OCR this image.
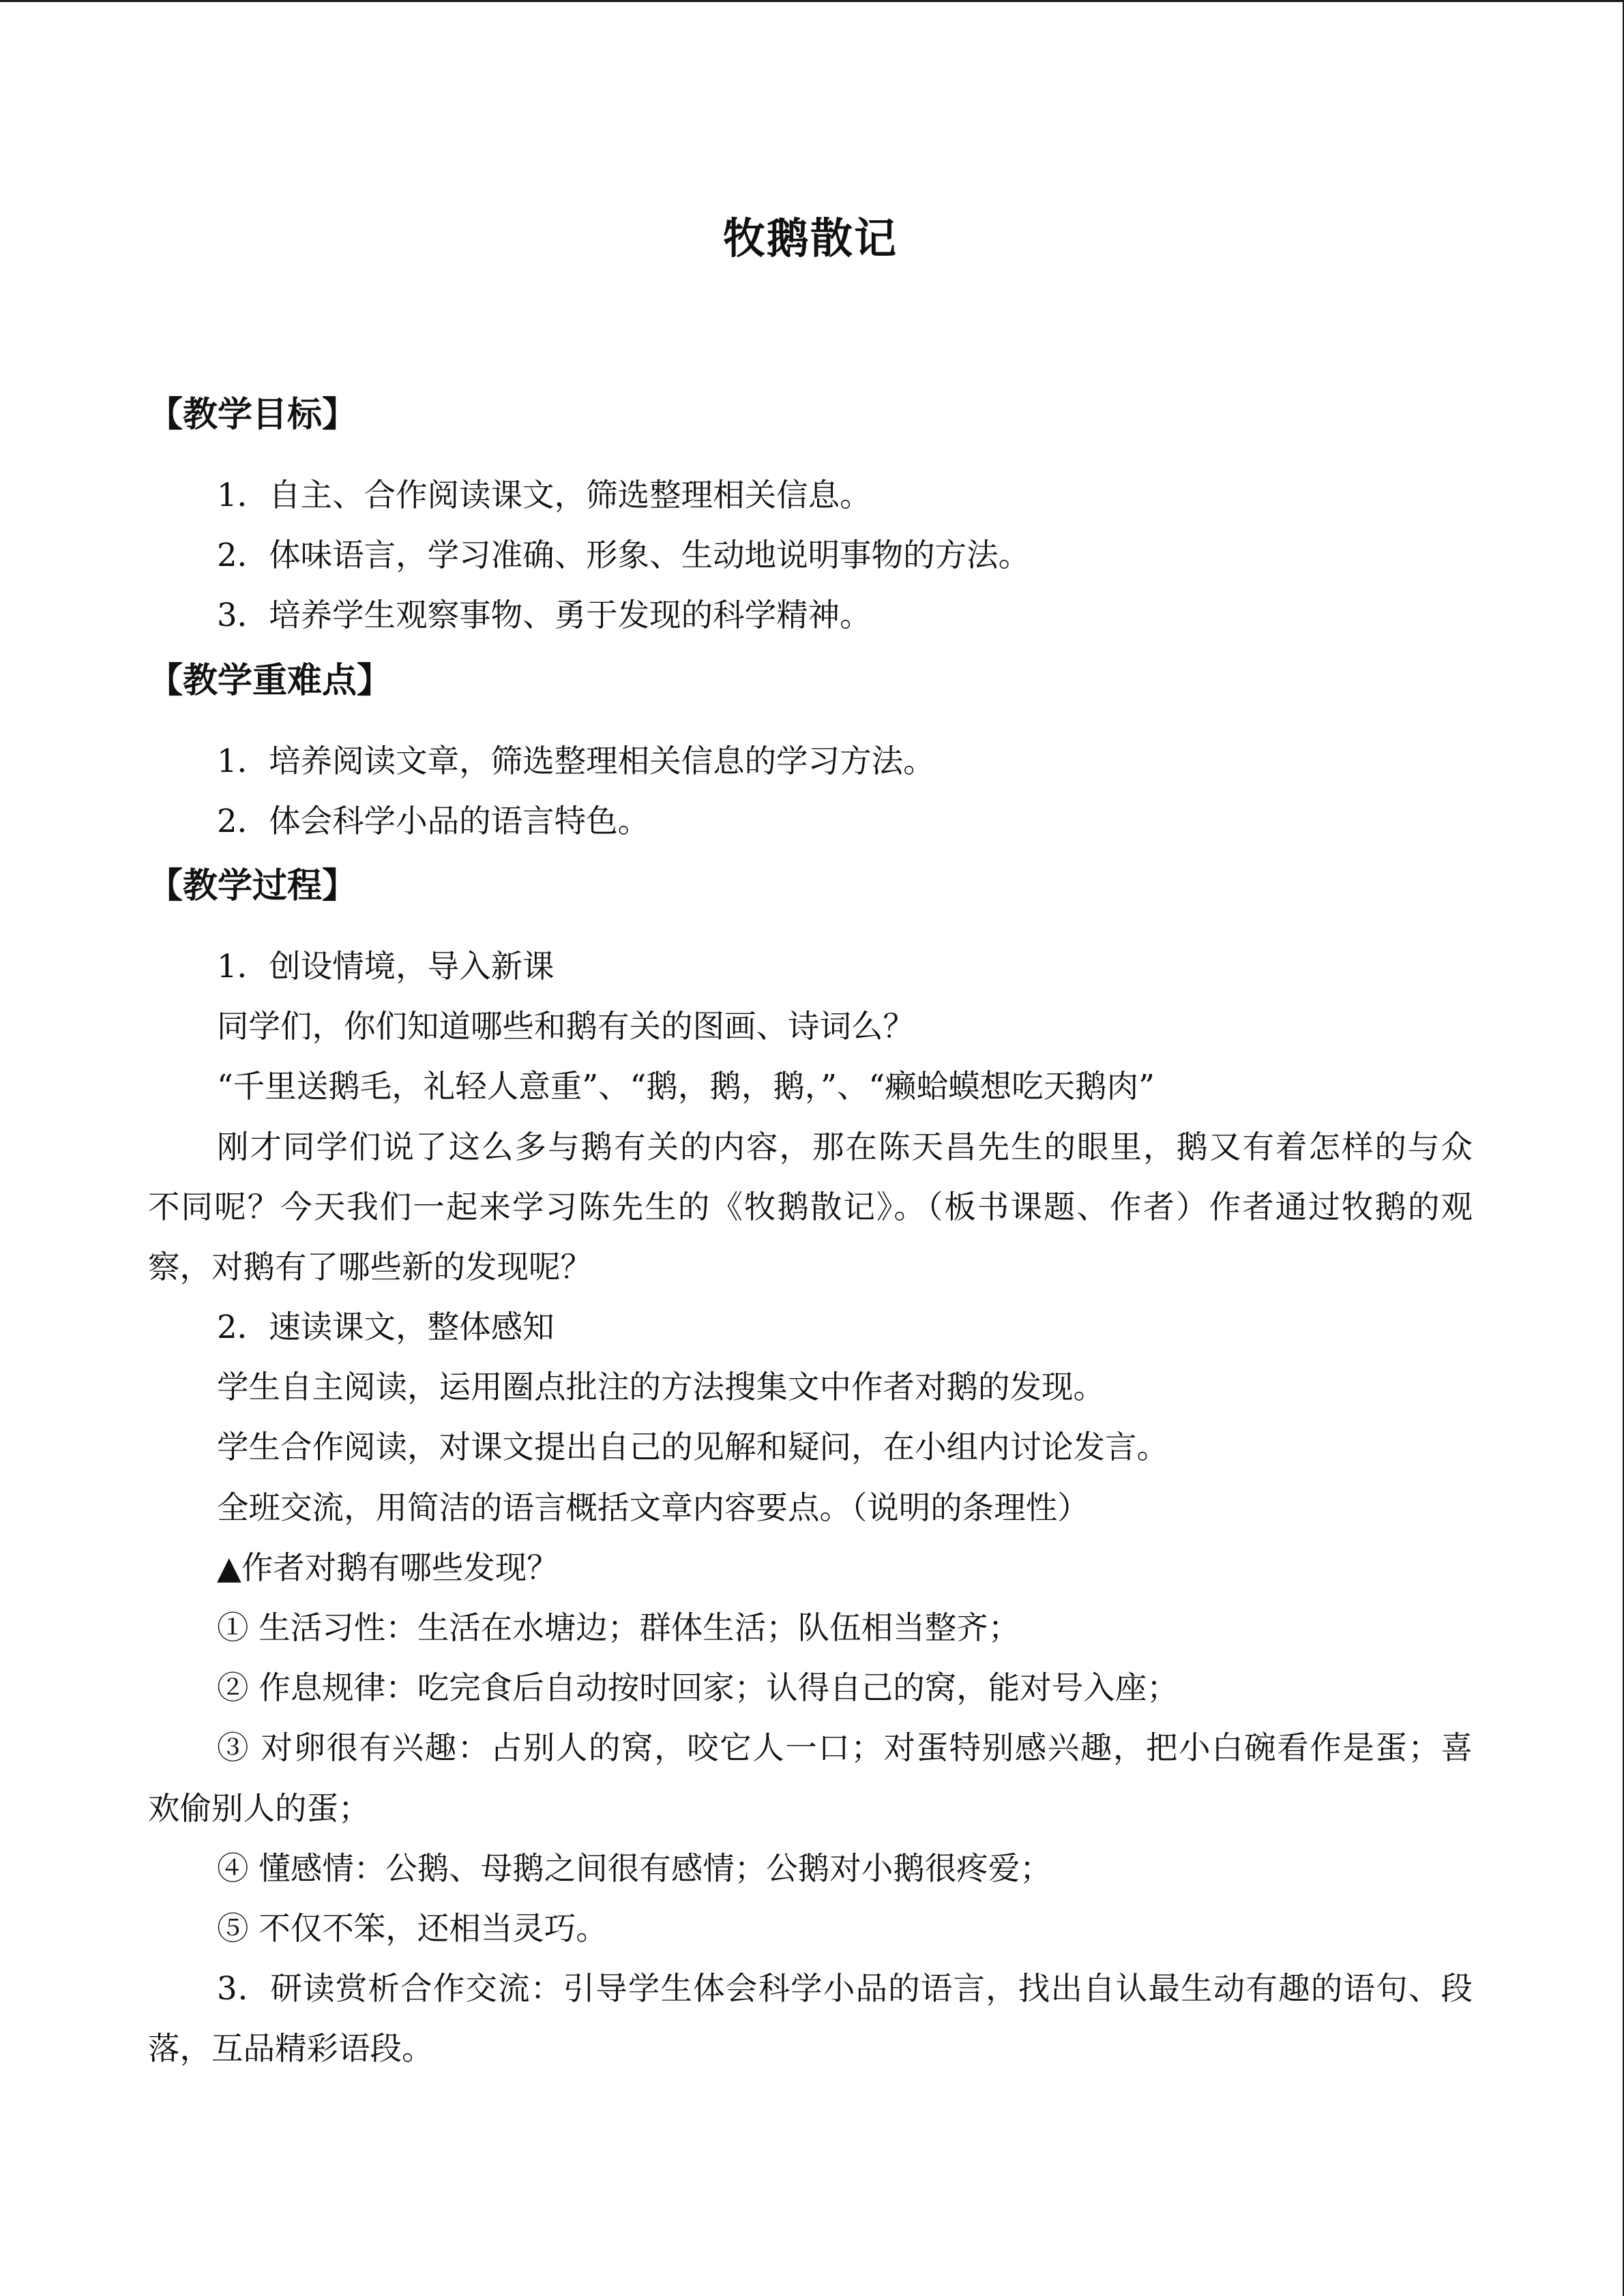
牧鹅散记
【教学目标】
1．自主、合作阅读课文，筛选整理相关信息。
2．体味语言，学习准确、形象、生动地说明事物的方法。
3．培养学生观察事物、勇于发现的科学精神。
【教学重难点】
1．培养阅读文章，筛选整理相关信息的学习方法。
2．体会科学小品的语言特色。
【教学过程】
1．创设情境，导入新课
同学们，你们知道哪些和鹅有关的图画、诗词么？
“千里送鹅毛，礼轻人意重”、“鹅，鹅，鹅，”、“癞蛤蟆想吃天鹅肉”
刚才同学们说了这么多与鹅有关的内容，那在陈天昌先生的眼里，鹅又有着怎样的与众
不同呢？今天我们一起来学习陈先生的《牧鹅散记》。（板书课题、作者）作者通过牧鹅的观
察，对鹅有了哪些新的发现呢？
2．速读课文，整体感知
学生自主阅读，运用圈点批注的方法搜集文中作者对鹅的发现。
学生合作阅读，对课文提出自己的见解和疑问，在小组内讨论发言。
全班交流，用简洁的语言概括文章内容要点。（说明的条理性）
▲作者对鹅有哪些发现？
① 生活习性：生活在水塘边；群体生活；队伍相当整齐；
② 作息规律：吃完食后自动按时回家；认得自己的窝，能对号入座；
③ 对卵很有兴趣：占别人的窝，咬它人一口；对蛋特别感兴趣，把小白碗看作是蛋；喜
欢偷别人的蛋；
④ 懂感情：公鹅、母鹅之间很有感情；公鹅对小鹅很疼爱；
⑤ 不仅不笨，还相当灵巧。
3．研读赏析合作交流：引导学生体会科学小品的语言，找出自认最生动有趣的语句、段
落，互品精彩语段。
